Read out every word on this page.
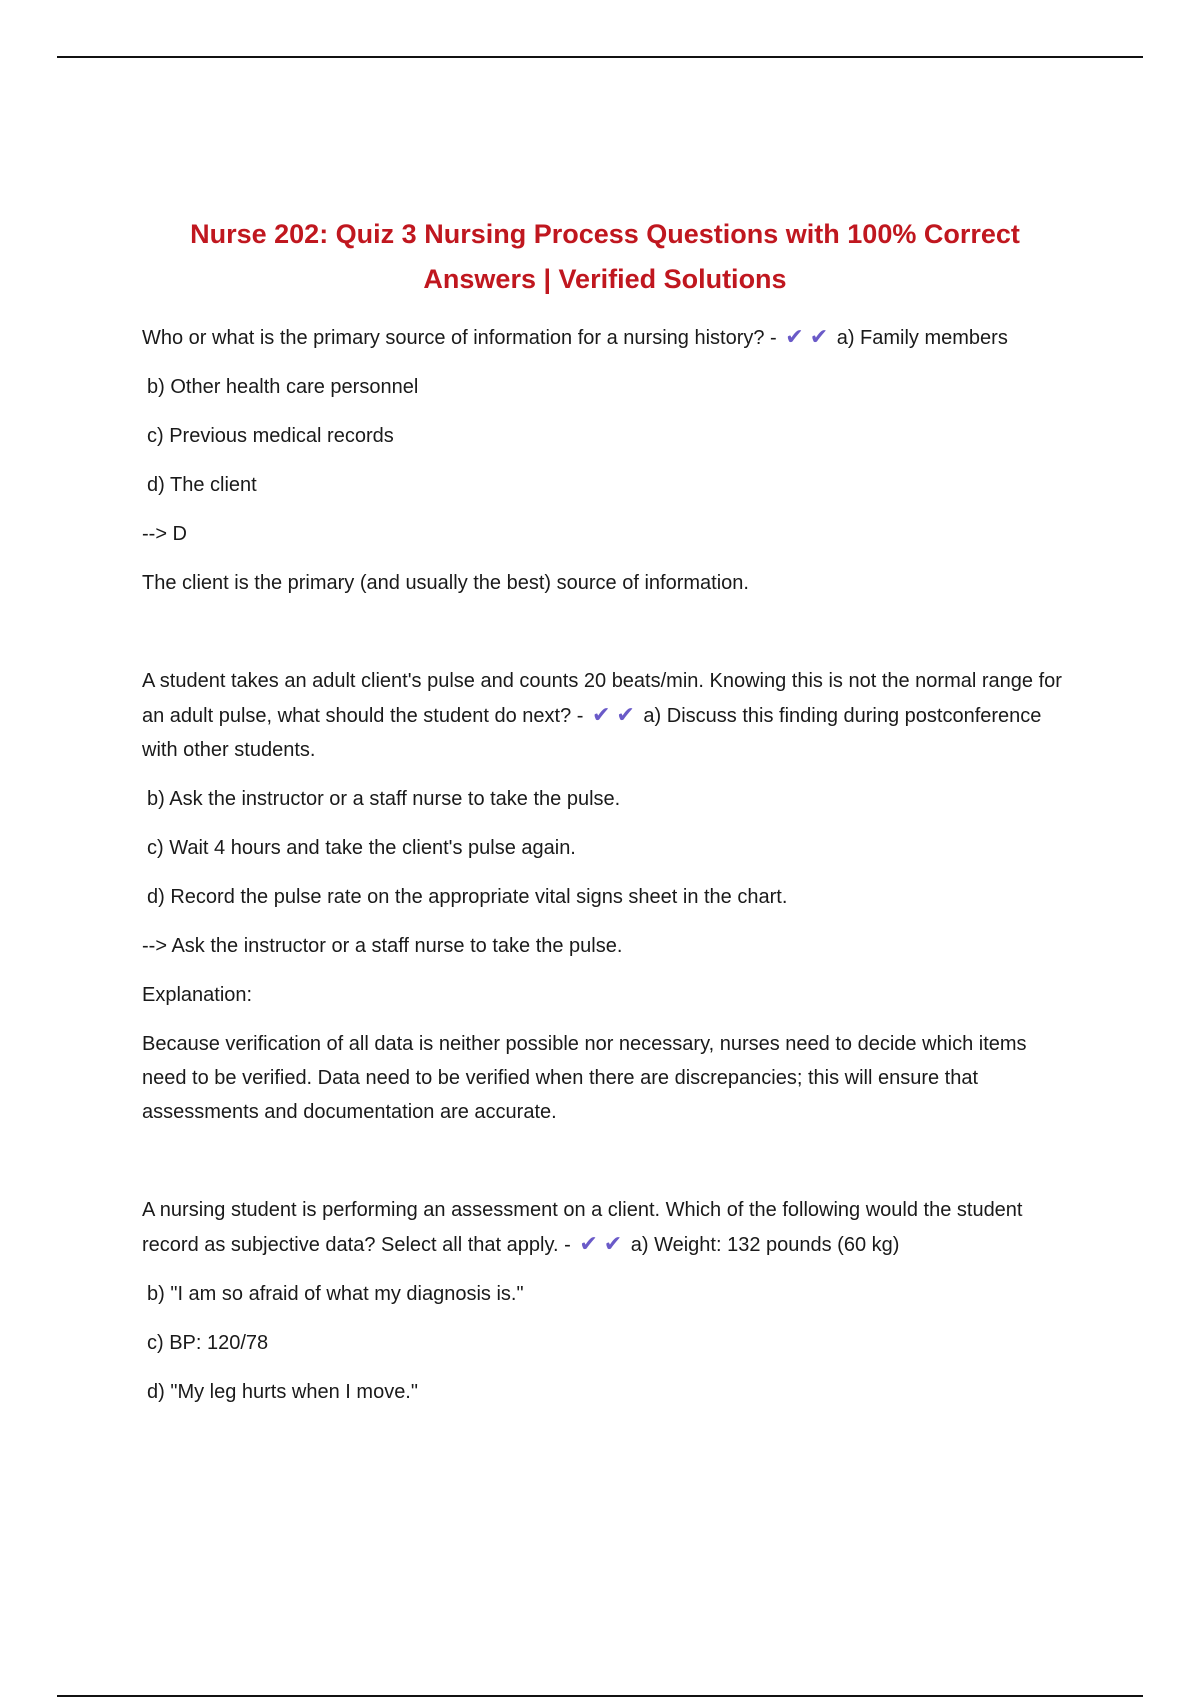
Nurse 202: Quiz 3 Nursing Process Questions with 100% Correct
Answers | Verified Solutions

Who or what is the primary source of information for a nursing history? - ✔ ✔ a) Family members

b) Other health care personnel

c) Previous medical records

d) The client

--> D

The client is the primary (and usually the best) source of information.

A student takes an adult client's pulse and counts 20 beats/min. Knowing this is not the normal range for an adult pulse, what should the student do next? - ✔ ✔ a) Discuss this finding during postconference with other students.

b) Ask the instructor or a staff nurse to take the pulse.

c) Wait 4 hours and take the client's pulse again.

d) Record the pulse rate on the appropriate vital signs sheet in the chart.

--> Ask the instructor or a staff nurse to take the pulse.

Explanation:

Because verification of all data is neither possible nor necessary, nurses need to decide which items need to be verified. Data need to be verified when there are discrepancies; this will ensure that assessments and documentation are accurate.

A nursing student is performing an assessment on a client. Which of the following would the student record as subjective data? Select all that apply. - ✔ ✔ a) Weight: 132 pounds (60 kg)

b) "I am so afraid of what my diagnosis is."

c) BP: 120/78

d) "My leg hurts when I move."
